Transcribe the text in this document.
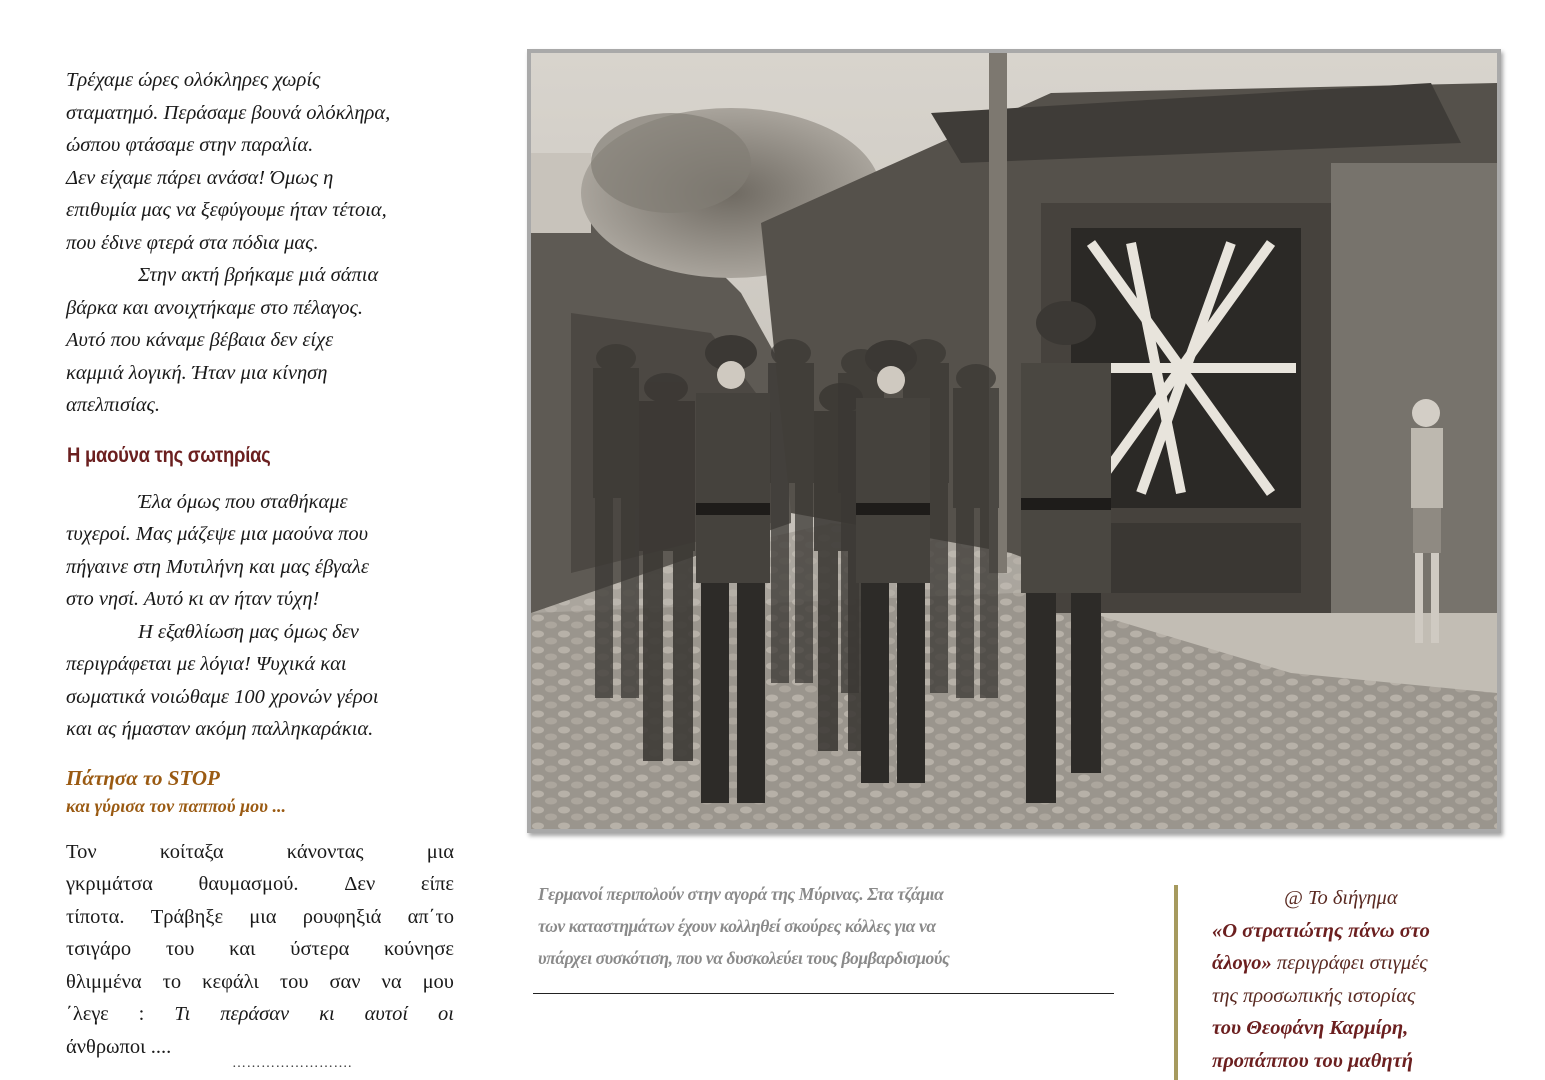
Τρέχαμε ώρες ολόκληρες χωρίς
σταματημό. Περάσαμε βουνά ολόκληρα,
ώσπου φτάσαμε στην παραλία.
Δεν είχαμε πάρει ανάσα! Όμως η
επιθυμία μας να ξεφύγουμε ήταν τέτοια,
που έδινε φτερά στα πόδια μας.

Στην ακτή βρήκαμε μιά σάπια
βάρκα και ανοιχτήκαμε στο πέλαγος.
Αυτό που κάναμε βέβαια δεν είχε
καμμιά λογική. Ήταν μια κίνηση
απελπισίας.

Η μαούνα της σωτηρίας

Έλα όμως που σταθήκαμε
τυχεροί. Μας μάζεψε μια μαούνα που
πήγαινε στη Μυτιλήνη και μας έβγαλε
στο νησί. Αυτό κι αν ήταν τύχη!

Η εξαθλίωση μας όμως δεν
περιγράφεται με λόγια! Ψυχικά και
σωματικά νοιώθαμε 100 χρονών γέροι
και ας ήμασταν ακόμη παλληκαράκια.

Πάτησα το STOP
και γύρισα τον παππού μου ...
Τον	κοίταξα	κάνοντας	μια
γκριμάτσα θαυμασμού. Δεν είπε
τίποτα. Τράβηξε μια ρουφηξιά απ΄το
τσιγάρο του και ύστερα κούνησε
θλιμμένα το κεφάλι του σαν να μου
΄λεγε : Τι περάσαν κι αυτοί οι
άνθρωποι ....
…………………….
Γερμανοί περιπολούν στην αγορά της Μύρινας. Στα τζάμια
των καταστημάτων έχουν κολληθεί σκούρες κόλλες για να
υπάρχει συσκότιση, που να δυσκολεύει τους βομβαρδισμούς
@ Το διήγημα
«Ο στρατιώτης πάνω στο
άλογο» περιγράφει στιγμές
της προσωπικής ιστορίας
του Θεοφάνη Καρμίρη,
προπάππου του μαθητή
